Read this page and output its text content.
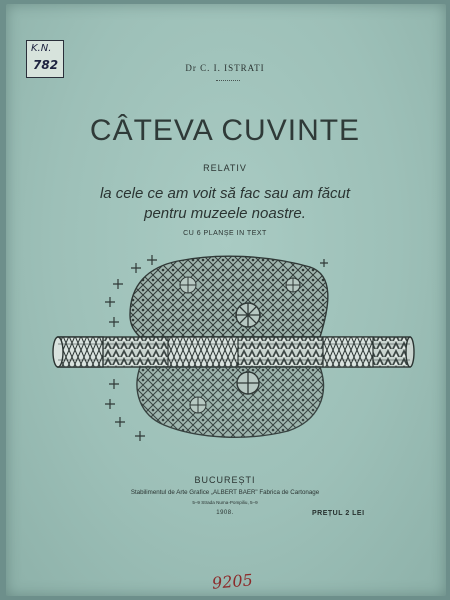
K.N.
782	Dr C. I. ISTRATI
CÂTEVA CUVINTE
RELATIV
la cele ce am voit să fac sau am făcut
pentru muzeele noastre.
CU 6 PLANȘE IN TEXT
BUCUREȘTI
Stabilimentul de Arte Grafice „ALBERT BAER" Fabrica de Cartonage
5–9 Strada Numa-Pompiliu, 5–9
1908.	PREȚUL 2 LEI
9205
